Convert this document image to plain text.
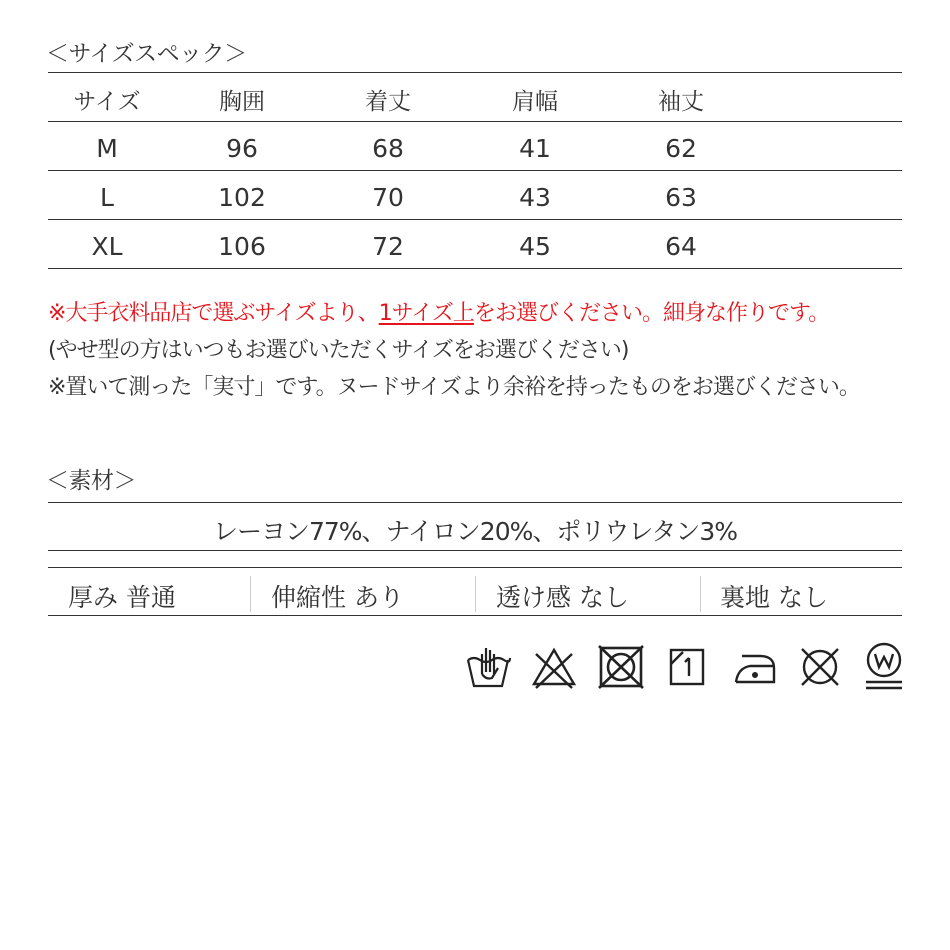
＜サイズスペック＞
サイズ	胸囲	着丈	肩幅	袖丈
M	96	68	41	62
L	102	70	43	63
XL	106	72	45	64
※大手衣料品店で選ぶサイズより、1サイズ上をお選びください。細身な作りです。
(やせ型の方はいつもお選びいただくサイズをお選びください)
※置いて測った「実寸」です。ヌードサイズより余裕を持ったものをお選びください。
＜素材＞
レーヨン77%、ナイロン20%、ポリウレタン3%
厚み 普通	伸縮性 あり	透け感 なし	裏地 なし
